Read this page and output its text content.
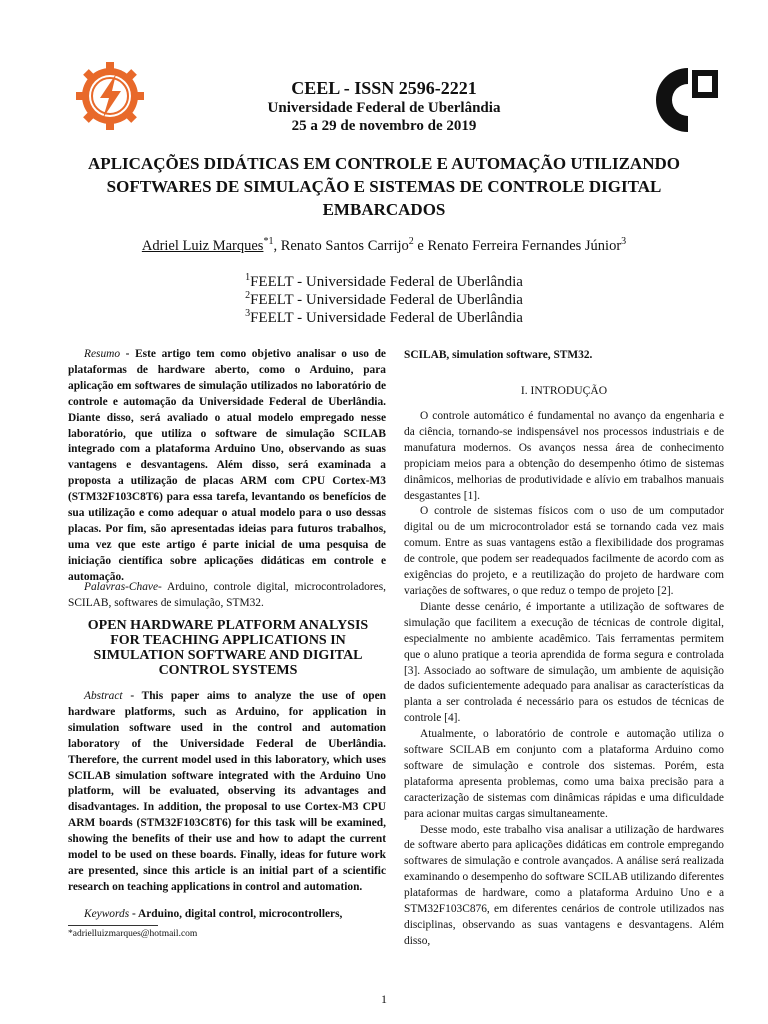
CEEL - ISSN 2596-2221
Universidade Federal de Uberlândia
25 a 29 de novembro de 2019
APLICAÇÕES DIDÁTICAS EM CONTROLE E AUTOMAÇÃO UTILIZANDO
SOFTWARES DE SIMULAÇÃO E SISTEMAS DE CONTROLE DIGITAL
EMBARCADOS
Adriel Luiz Marques$^{*1}$, Renato Santos Carrijo$^2$ e Renato Ferreira Fernandes Júnior$^3$
$^1$FEELT - Universidade Federal de Uberlândia
$^2$FEELT - Universidade Federal de Uberlândia
$^3$FEELT - Universidade Federal de Uberlândia

Resumo - Este artigo tem como objetivo analisar o uso de plataformas de hardware aberto, como o Arduino, para aplicação em softwares de simulação utilizados no laboratório de controle e automação da Universidade Federal de Uberlândia. Diante disso, será avaliado o atual modelo empregado nesse laboratório, que utiliza o software de simulação SCILAB integrado com a plataforma Arduino Uno, observando as suas vantagens e desvantagens. Além disso, será examinada a proposta a utilização de placas ARM com CPU Cortex-M3 (STM32F103C8T6) para essa tarefa, levantando os benefícios de sua utilização e como adequar o atual modelo para o uso dessas placas. Por fim, são apresentadas ideias para futuros trabalhos, uma vez que este artigo é parte inicial de uma pesquisa de iniciação científica sobre aplicações didáticas em controle e automação.

Palavras-Chave- Arduino, controle digital, microcontroladores, SCILAB, softwares de simulação, STM32.

OPEN HARDWARE PLATFORM ANALYSIS
FOR TEACHING APPLICATIONS IN
SIMULATION SOFTWARE AND DIGITAL
CONTROL SYSTEMS

Abstract - This paper aims to analyze the use of open hardware platforms, such as Arduino, for application in simulation software used in the control and automation laboratory of the Universidade Federal de Uberlândia. Therefore, the current model used in this laboratory, which uses SCILAB simulation software integrated with the Arduino Uno platform, will be evaluated, observing its advantages and disadvantages. In addition, the proposal to use Cortex-M3 CPU ARM boards (STM32F103C8T6) for this task will be examined, showing the benefits of their use and how to adapt the current model to be used on these boards. Finally, ideas for future work are presented, since this article is an initial part of a scientific research on teaching applications in control and automation.

Keywords - Arduino, digital control, microcontrollers,

*adrielluizmarques@hotmail.com
SCILAB, simulation software, STM32.
I. INTRODUÇÃO

O controle automático é fundamental no avanço da engenharia e da ciência, tornando-se indispensável nos processos industriais e de manufatura modernos. Os avanços nessa área de conhecimento propiciam meios para a obtenção do desempenho ótimo de sistemas dinâmicos, melhorias de produtividade e alívio em trabalhos manuais desgastantes [1].

O controle de sistemas físicos com o uso de um computador digital ou de um microcontrolador está se tornando cada vez mais comum. Entre as suas vantagens estão a flexibilidade dos programas de controle, que podem ser readequados facilmente de acordo com as exigências do projeto, e a reutilização do projeto de hardware com variações de softwares, o que reduz o tempo de projeto [2].

Diante desse cenário, é importante a utilização de softwares de simulação que facilitem a execução de técnicas de controle digital, especialmente no ambiente acadêmico. Tais ferramentas permitem que o aluno pratique a teoria aprendida de forma segura e controlada [3]. Associado ao software de simulação, um ambiente de aquisição de dados suficientemente adequado para analisar as características da planta a ser controlada é necessário para os estudos de técnicas de controle [4].

Atualmente, o laboratório de controle e automação utiliza o software SCILAB em conjunto com a plataforma Arduino como software de simulação e controle dos sistemas. Porém, esta plataforma apresenta problemas, como uma baixa precisão para a caracterização de sistemas com dinâmicas rápidas e uma dificuldade para acionar muitas cargas simultaneamente.

Desse modo, este trabalho visa analisar a utilização de hardwares de software aberto para aplicações didáticas em controle empregando softwares de simulação e controle avançados. A análise será realizada examinando o desempenho do software SCILAB utilizando diferentes plataformas de hardware, como a plataforma Arduino Uno e a STM32F103C876, em diferentes cenários de controle utilizados nas disciplinas, observando as suas vantagens e desvantagens. Além disso,

1
